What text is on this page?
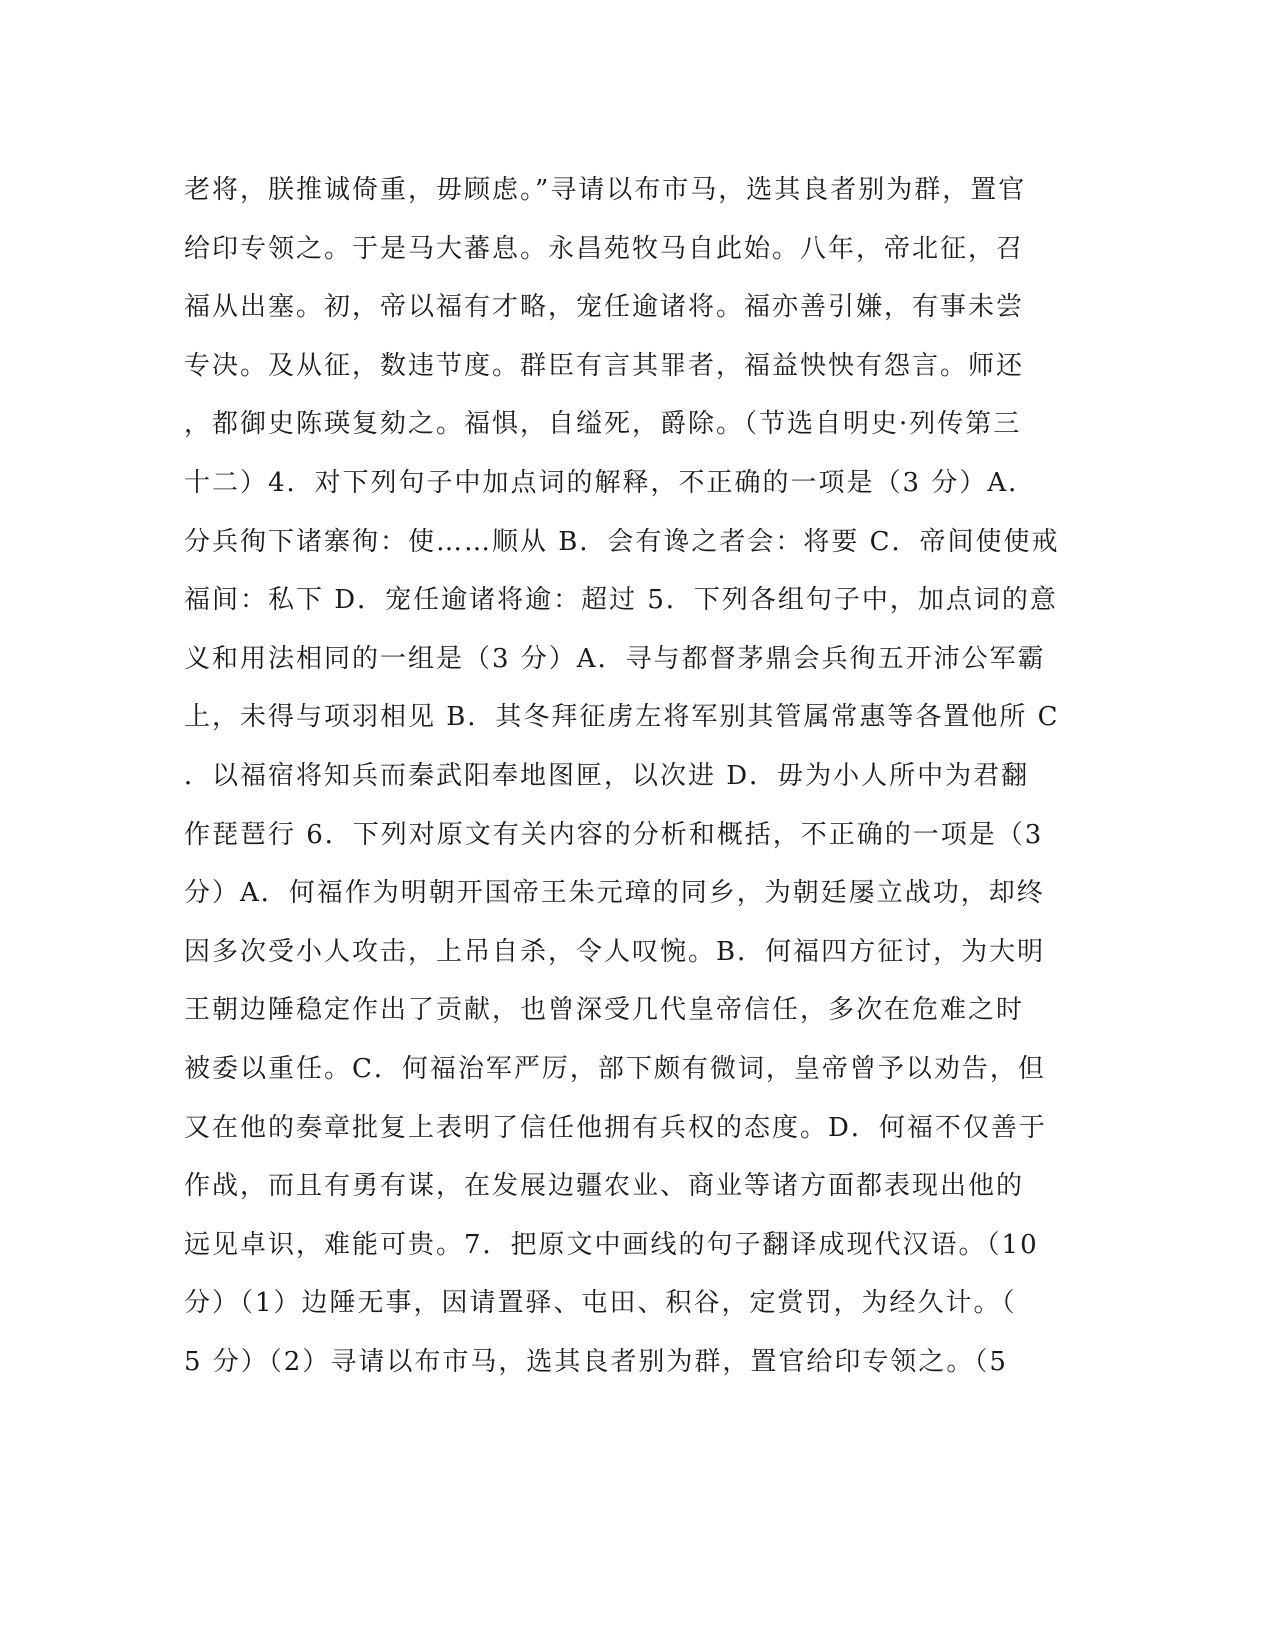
老将，朕推诚倚重，毋顾虑。”寻请以布市马，选其良者别为群，置官
给印专领之。于是马大蕃息。永昌苑牧马自此始。八年，帝北征，召
福从出塞。初，帝以福有才略，宠任逾诸将。福亦善引嫌，有事未尝
专决。及从征，数违节度。群臣有言其罪者，福益怏怏有怨言。师还
，都御史陈瑛复劾之。福惧，自缢死，爵除。（节选自明史·列传第三
十二）4．对下列句子中加点词的解释，不正确的一项是（3 分）A．
分兵徇下诸寨徇：使……顺从 B．会有谗之者会：将要 C．帝间使使戒
福间：私下 D．宠任逾诸将逾：超过 5．下列各组句子中，加点词的意
义和用法相同的一组是（3 分）A．寻与都督茅鼎会兵徇五开沛公军霸
上，未得与项羽相见 B．其冬拜征虏左将军别其管属常惠等各置他所 C
．以福宿将知兵而秦武阳奉地图匣，以次进 D．毋为小人所中为君翻
作琵琶行 6．下列对原文有关内容的分析和概括，不正确的一项是（3
分）A．何福作为明朝开国帝王朱元璋的同乡，为朝廷屡立战功，却终
因多次受小人攻击，上吊自杀，令人叹惋。B．何福四方征讨，为大明
王朝边陲稳定作出了贡献，也曾深受几代皇帝信任，多次在危难之时
被委以重任。C．何福治军严厉，部下颇有微词，皇帝曾予以劝告，但
又在他的奏章批复上表明了信任他拥有兵权的态度。D．何福不仅善于
作战，而且有勇有谋，在发展边疆农业、商业等诸方面都表现出他的
远见卓识，难能可贵。7．把原文中画线的句子翻译成现代汉语。（10
分）（1）边陲无事，因请置驿、屯田、积谷，定赏罚，为经久计。（
5 分）（2）寻请以布市马，选其良者别为群，置官给印专领之。（5
